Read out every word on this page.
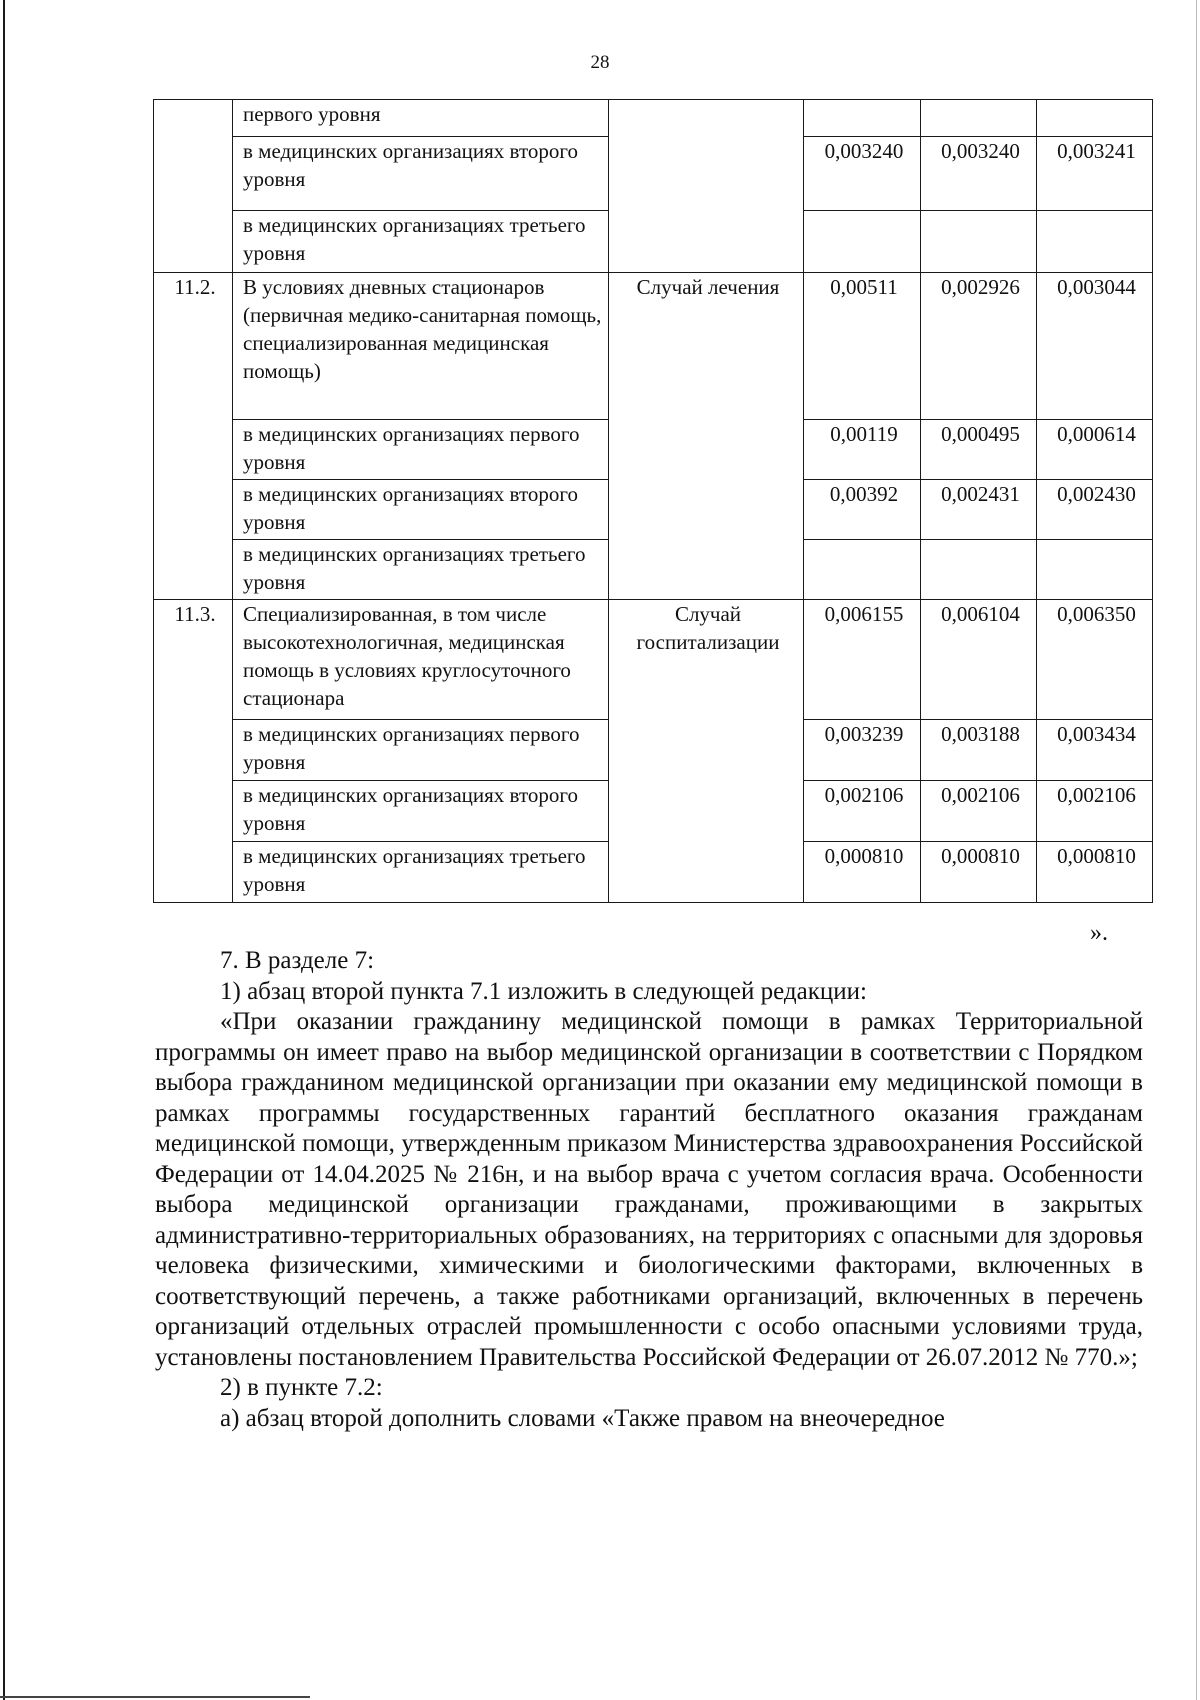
28
	первого уровня				
	в медицинских организациях второго уровня		0,003240	0,003240	0,003241
	в медицинских организациях третьего уровня				
11.2.	В условиях дневных стационаров (первичная медико-санитарная помощь, специализированная медицинская помощь)	Случай лечения	0,00511	0,002926	0,003044
	в медицинских организациях первого уровня		0,00119	0,000495	0,000614
	в медицинских организациях второго уровня		0,00392	0,002431	0,002430
	в медицинских организациях третьего уровня				
11.3.	Специализированная, в том числе высокотехнологичная, медицинская помощь в условиях круглосуточного стационара	Случай госпитализации	0,006155	0,006104	0,006350
	в медицинских организациях первого уровня		0,003239	0,003188	0,003434
	в медицинских организациях второго уровня		0,002106	0,002106	0,002106
	в медицинских организациях третьего уровня		0,000810	0,000810	0,000810
».

7. В разделе 7:

1) абзац второй пункта 7.1 изложить в следующей редакции:

«При оказании гражданину медицинской помощи в рамках Территориальной программы он имеет право на выбор медицинской организации в соответствии с Порядком выбора гражданином медицинской организации при оказании ему медицинской помощи в рамках программы государственных гарантий бесплатного оказания гражданам медицинской помощи, утвержденным приказом Министерства здравоохранения Российской Федерации от 14.04.2025 № 216н, и на выбор врача с учетом согласия врача. Особенности выбора медицинской организации гражданами, проживающими в закрытых административно-территориальных образованиях, на территориях с опасными для здоровья человека физическими, химическими и биологическими факторами, включенных в соответствующий перечень, а также работниками организаций, включенных в перечень организаций отдельных отраслей промышленности с особо опасными условиями труда, установлены постановлением Правительства Российской Федерации от 26.07.2012 № 770.»;

2) в пункте 7.2:

а) абзац второй дополнить словами «Также правом на внеочередное
